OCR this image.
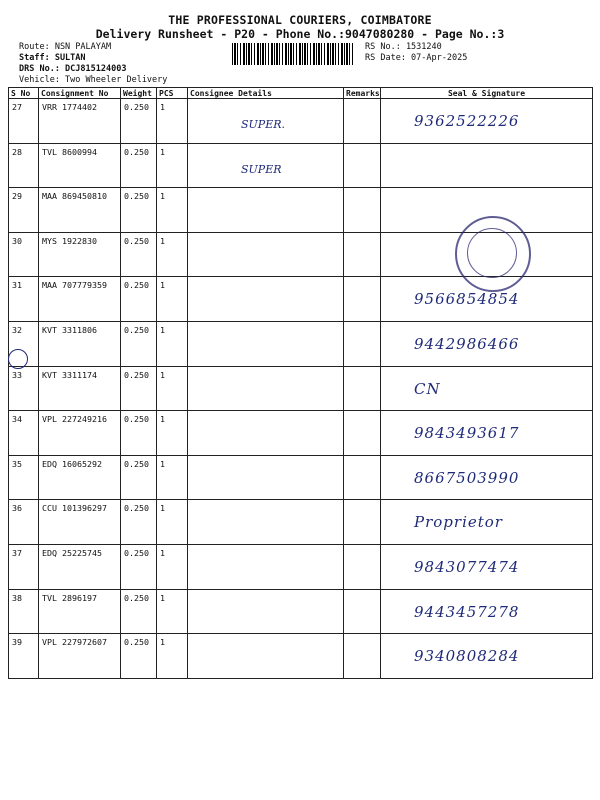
THE PROFESSIONAL COURIERS, COIMBATORE
Delivery Runsheet - P20 - Phone No.:9047080280 - Page No.:3
Route: NSN PALAYAM
Staff: SULTAN
DRS No.: DCJ815124003
Vehicle: Two Wheeler Delivery
RS No.: 1531240
RS Date: 07-Apr-2025
S No	Consignment No	Weight	PCS	Consignee Details	Remarks	Seal & Signature
27	VRR 1774402	0.250	1	SUPER.		9362522226

28	TVL 8600994	0.250	1	SUPER		

29	MAA 869450810	0.250	1	

30	MYS 1922830	0.250	1	

31	MAA 707779359	0.250	1			9566854854

32	KVT 3311806	0.250	1			9442986466

33	KVT 3311174	0.250	1			CN

34	VPL 227249216	0.250	1			9843493617

35	EDQ 16065292	0.250	1			8667503990

36	CCU 101396297	0.250	1			Proprietor

37	EDQ 25225745	0.250	1			9843077474

38	TVL 2896197	0.250	1			9443457278

39	VPL 227972607	0.250	1			9340808284
